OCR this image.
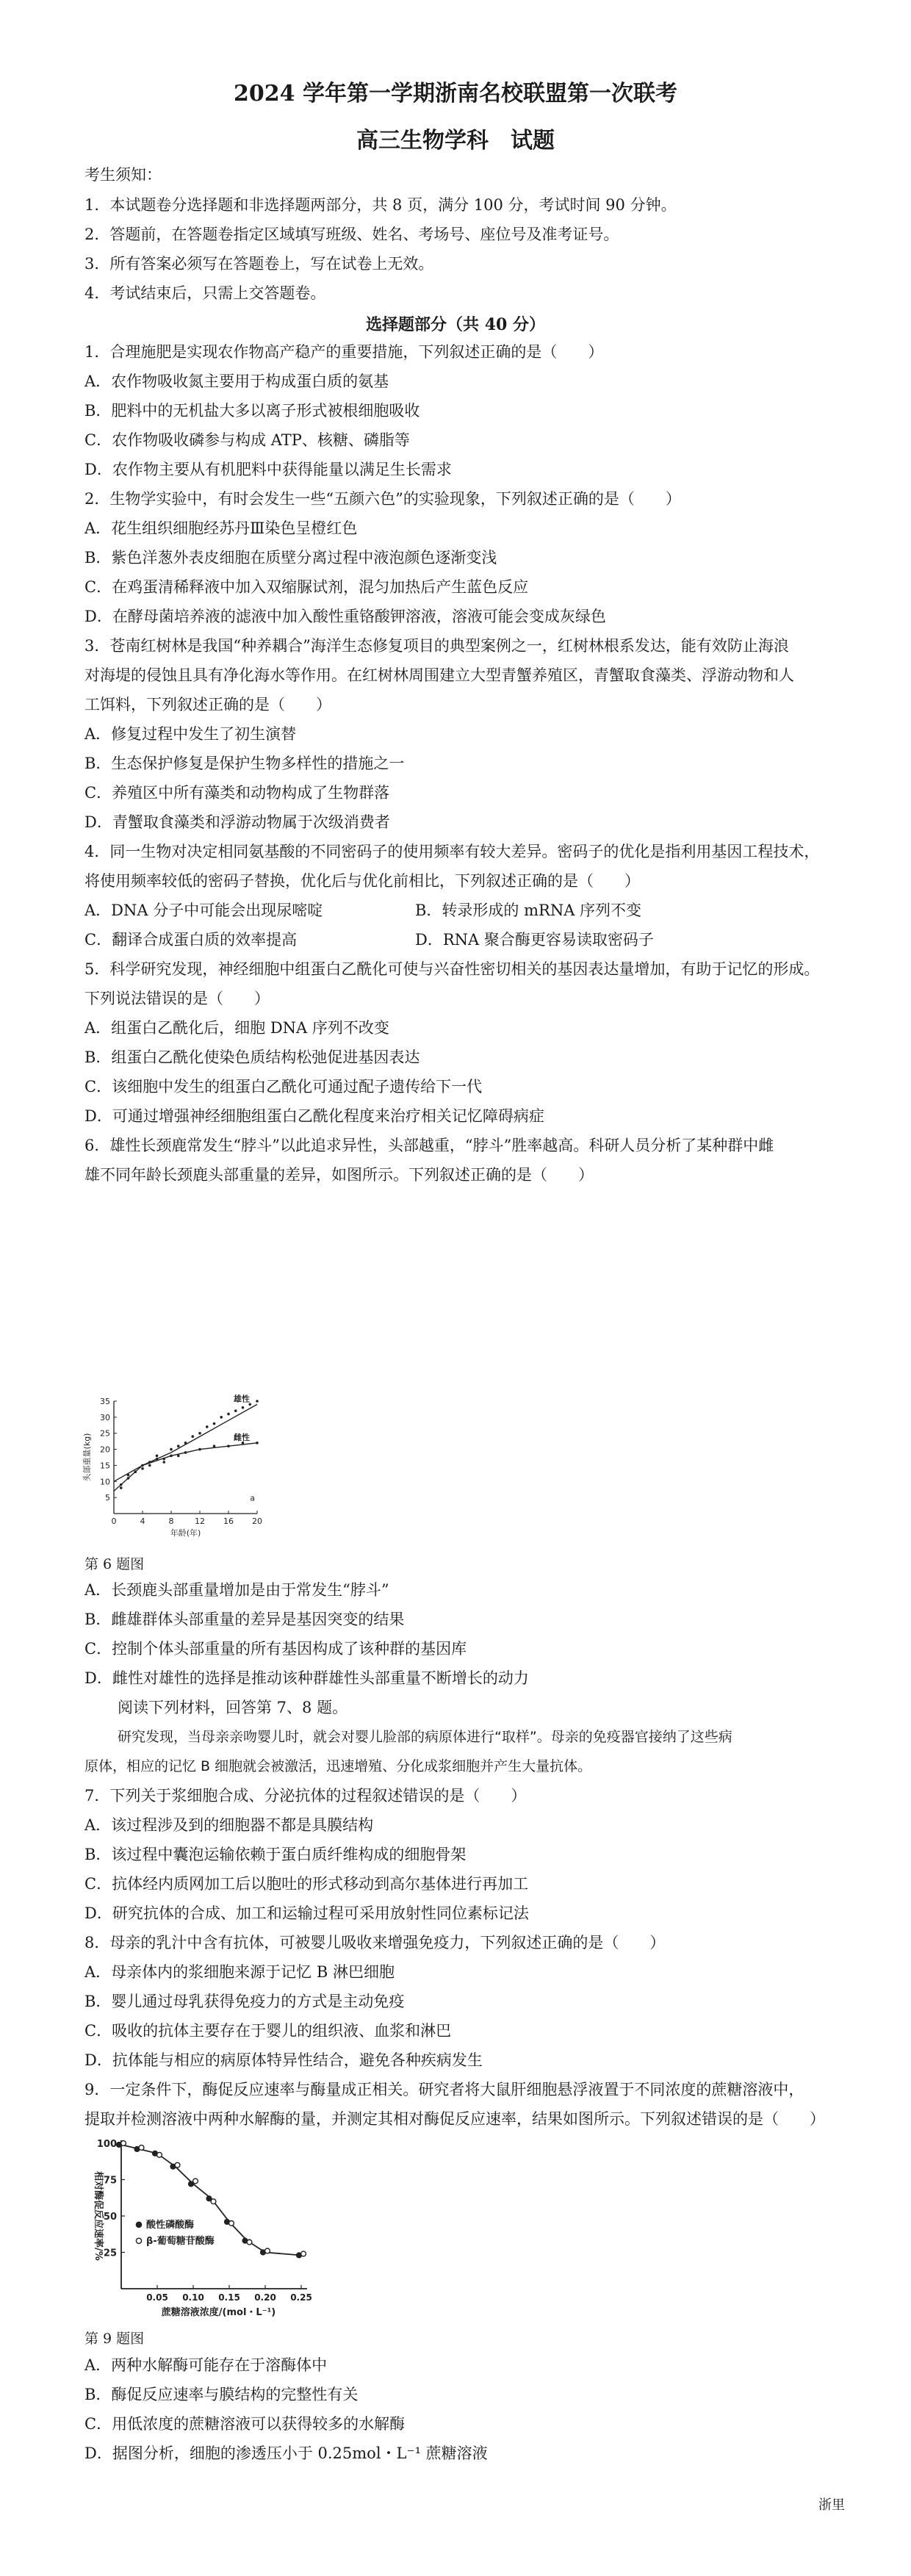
2024 学年第一学期浙南名校联盟第一次联考
高三生物学科　试题
考生须知：
1．本试题卷分选择题和非选择题两部分，共 8 页，满分 100 分，考试时间 90 分钟。
2．答题前，在答题卷指定区域填写班级、姓名、考场号、座位号及准考证号。
3．所有答案必须写在答题卷上，写在试卷上无效。
4．考试结束后，只需上交答题卷。
选择题部分（共 40 分）
1．合理施肥是实现农作物高产稳产的重要措施，下列叙述正确的是（　　）
A．农作物吸收氮主要用于构成蛋白质的氨基
B．肥料中的无机盐大多以离子形式被根细胞吸收
C．农作物吸收磷参与构成 ATP、核糖、磷脂等
D．农作物主要从有机肥料中获得能量以满足生长需求
2．生物学实验中，有时会发生一些“五颜六色”的实验现象，下列叙述正确的是（　　）
A．花生组织细胞经苏丹Ⅲ染色呈橙红色
B．紫色洋葱外表皮细胞在质壁分离过程中液泡颜色逐渐变浅
C．在鸡蛋清稀释液中加入双缩脲试剂，混匀加热后产生蓝色反应
D．在酵母菌培养液的滤液中加入酸性重铬酸钾溶液，溶液可能会变成灰绿色
3．苍南红树林是我国“种养耦合”海洋生态修复项目的典型案例之一，红树林根系发达，能有效防止海浪
对海堤的侵蚀且具有净化海水等作用。在红树林周围建立大型青蟹养殖区，青蟹取食藻类、浮游动物和人
工饵料，下列叙述正确的是（　　）
A．修复过程中发生了初生演替
B．生态保护修复是保护生物多样性的措施之一
C．养殖区中所有藻类和动物构成了生物群落
D．青蟹取食藻类和浮游动物属于次级消费者
4．同一生物对决定相同氨基酸的不同密码子的使用频率有较大差异。密码子的优化是指利用基因工程技术，
将使用频率较低的密码子替换，优化后与优化前相比，下列叙述正确的是（　　）
A．DNA 分子中可能会出现尿嘧啶	B．转录形成的 mRNA 序列不变
C．翻译合成蛋白质的效率提高	D．RNA 聚合酶更容易读取密码子
5．科学研究发现，神经细胞中组蛋白乙酰化可使与兴奋性密切相关的基因表达量增加，有助于记忆的形成。
下列说法错误的是（　　）
A．组蛋白乙酰化后，细胞 DNA 序列不改变
B．组蛋白乙酰化使染色质结构松弛促进基因表达
C．该细胞中发生的组蛋白乙酰化可通过配子遗传给下一代
D．可通过增强神经细胞组蛋白乙酰化程度来治疗相关记忆障碍病症
6．雄性长颈鹿常发生“脖斗”以此追求异性，头部越重，“脖斗”胜率越高。科研人员分析了某种群中雌
雄不同年龄长颈鹿头部重量的差异，如图所示。下列叙述正确的是（　　）
5
10
15
20
25
30
35
0	4	8	12 16 20
年龄(年)
头部重量(kg)
雄性
雌性
a
第 6 题图
A．长颈鹿头部重量增加是由于常发生“脖斗”
B．雌雄群体头部重量的差异是基因突变的结果
C．控制个体头部重量的所有基因构成了该种群的基因库
D．雌性对雄性的选择是推动该种群雄性头部重量不断增长的动力
阅读下列材料，回答第 7、8 题。
研究发现，当母亲亲吻婴儿时，就会对婴儿脸部的病原体进行“取样”。母亲的免疫器官接纳了这些病
原体，相应的记忆 B 细胞就会被激活，迅速增殖、分化成浆细胞并产生大量抗体。
7．下列关于浆细胞合成、分泌抗体的过程叙述错误的是（　　）
A．该过程涉及到的细胞器不都是具膜结构
B．该过程中囊泡运输依赖于蛋白质纤维构成的细胞骨架
C．抗体经内质网加工后以胞吐的形式移动到高尔基体进行再加工
D．研究抗体的合成、加工和运输过程可采用放射性同位素标记法
8．母亲的乳汁中含有抗体，可被婴儿吸收来增强免疫力，下列叙述正确的是（　　）
A．母亲体内的浆细胞来源于记忆 B 淋巴细胞
B．婴儿通过母乳获得免疫力的方式是主动免疫
C．吸收的抗体主要存在于婴儿的组织液、血浆和淋巴
D．抗体能与相应的病原体特异性结合，避免各种疾病发生
9．一定条件下，酶促反应速率与酶量成正相关。研究者将大鼠肝细胞悬浮液置于不同浓度的蔗糖溶液中，
提取并检测溶液中两种水解酶的量，并测定其相对酶促反应速率，结果如图所示。下列叙述错误的是（　　）
25
50
75
100
0.05 0.10 0.15 0.20 0.25
蔗糖溶液浓度/(mol・L⁻¹)
相对酶促反应速率/%	酸性磷酸酶
β-葡萄糖苷酸酶
第 9 题图
A．两种水解酶可能存在于溶酶体中
B．酶促反应速率与膜结构的完整性有关
C．用低浓度的蔗糖溶液可以获得较多的水解酶
D．据图分析，细胞的渗透压小于 0.25mol・L⁻¹ 蔗糖溶液
浙里
